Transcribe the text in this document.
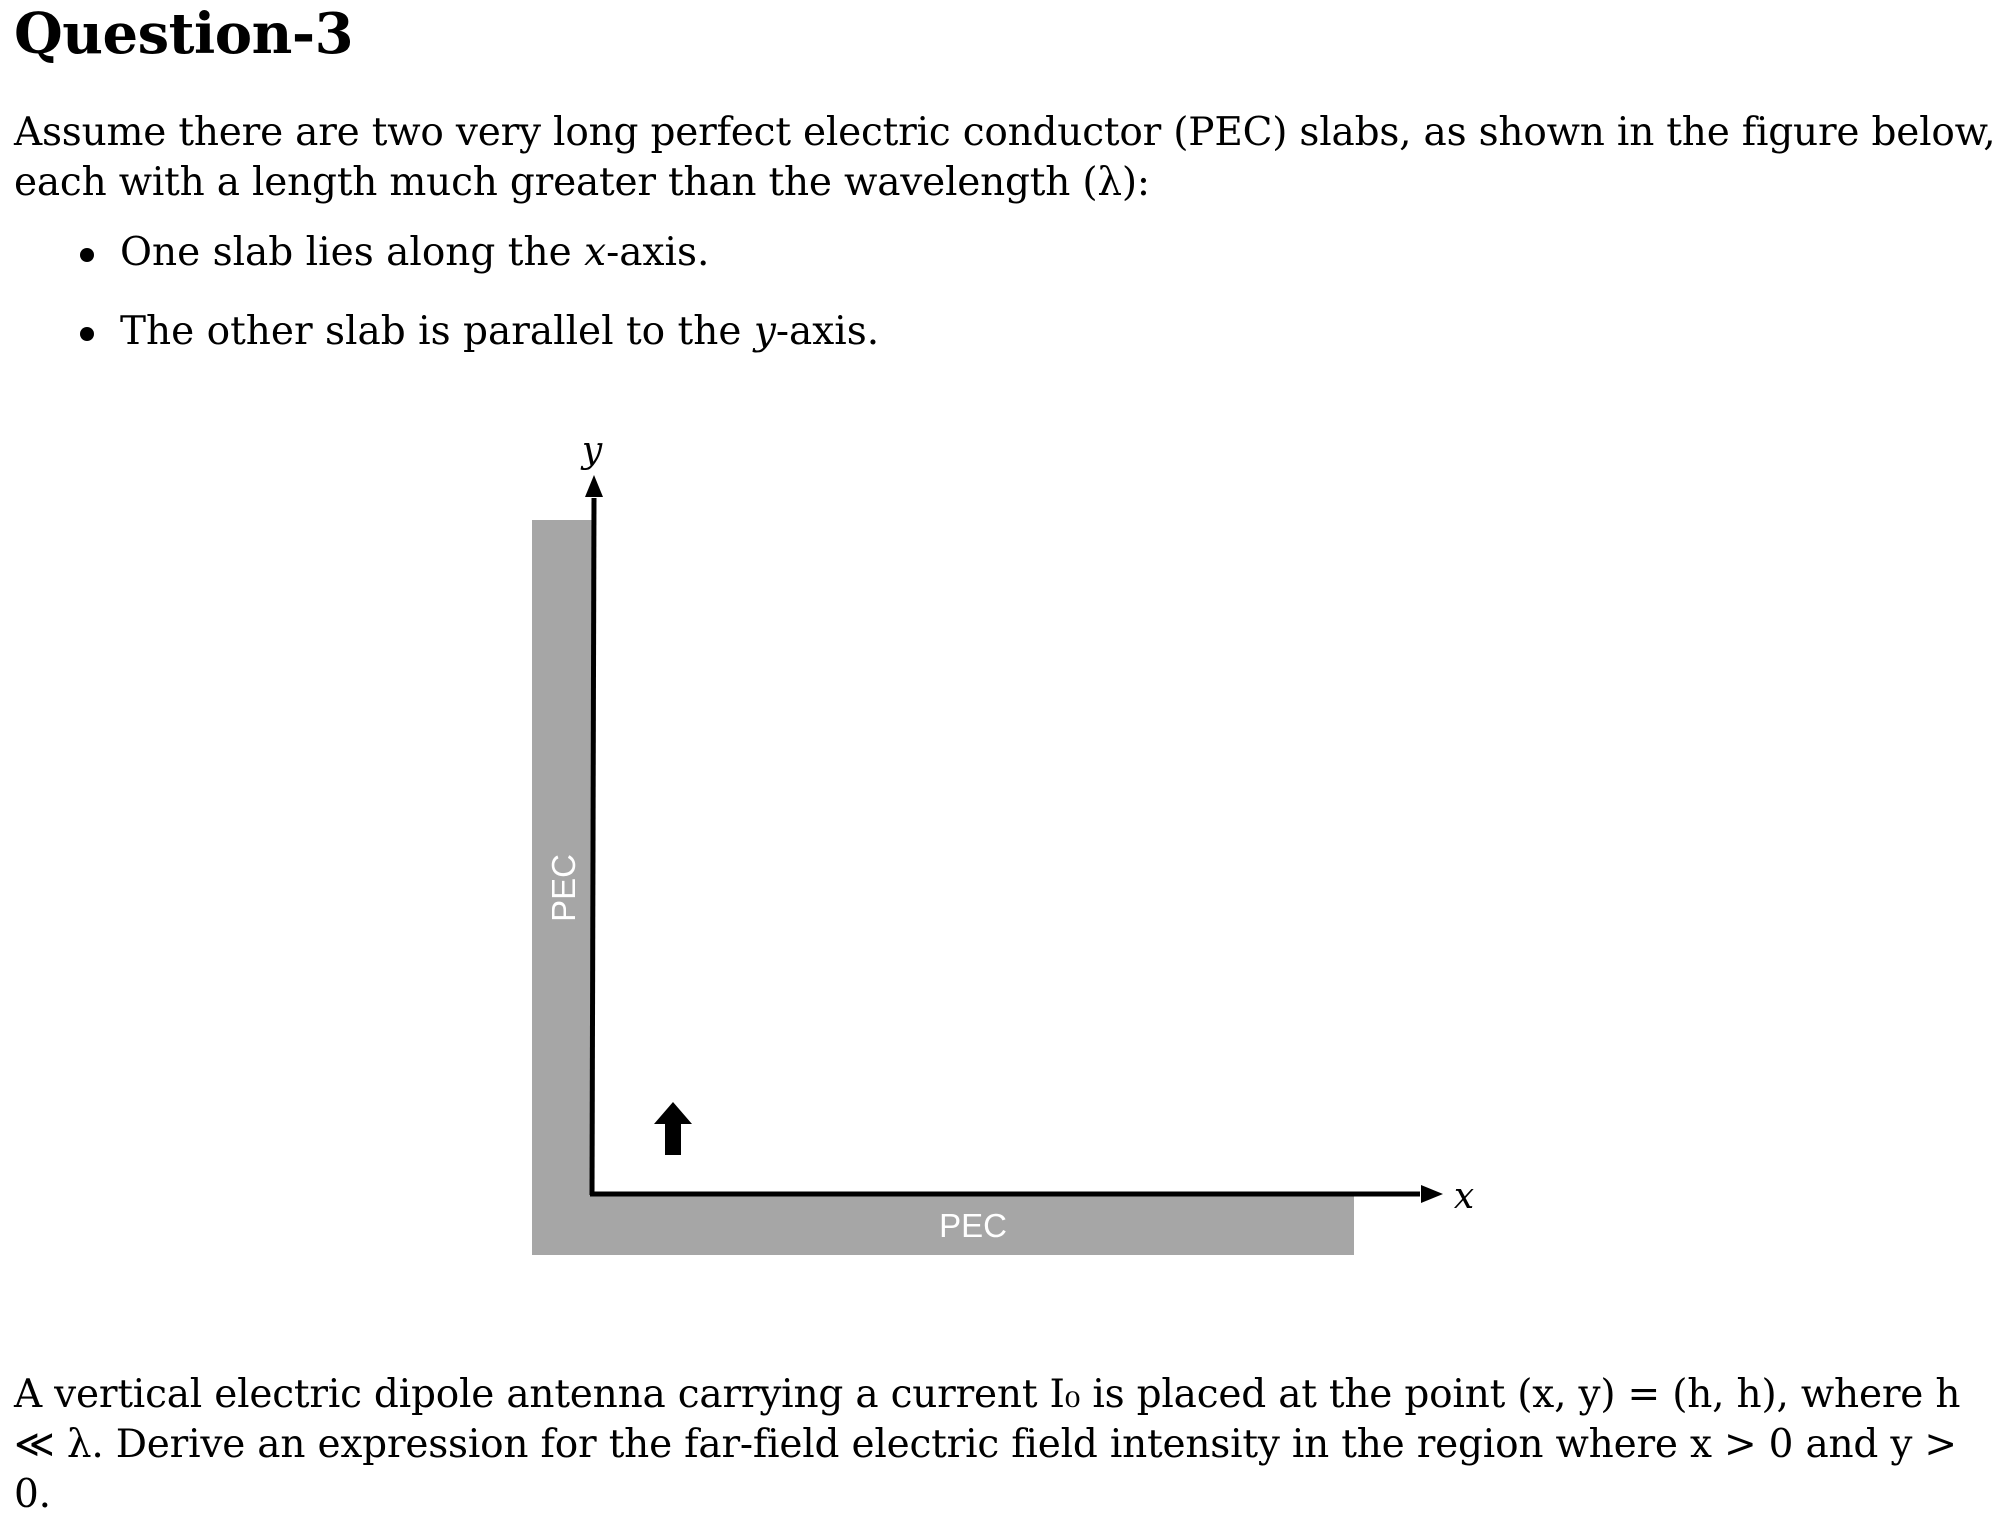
Question-3
Assume there are two very long perfect electric conductor (PEC) slabs, as shown in the figure below, each with a length much greater than the wavelength (λ):
One slab lies along the x-axis.
The other slab is parallel to the y-axis.
y
x
PEC
PEC
A vertical electric dipole antenna carrying a current I₀ is placed at the point (x, y) = (h, h), where h ≪ λ. Derive an expression for the far-field electric field intensity in the region where x > 0 and y > 0.
